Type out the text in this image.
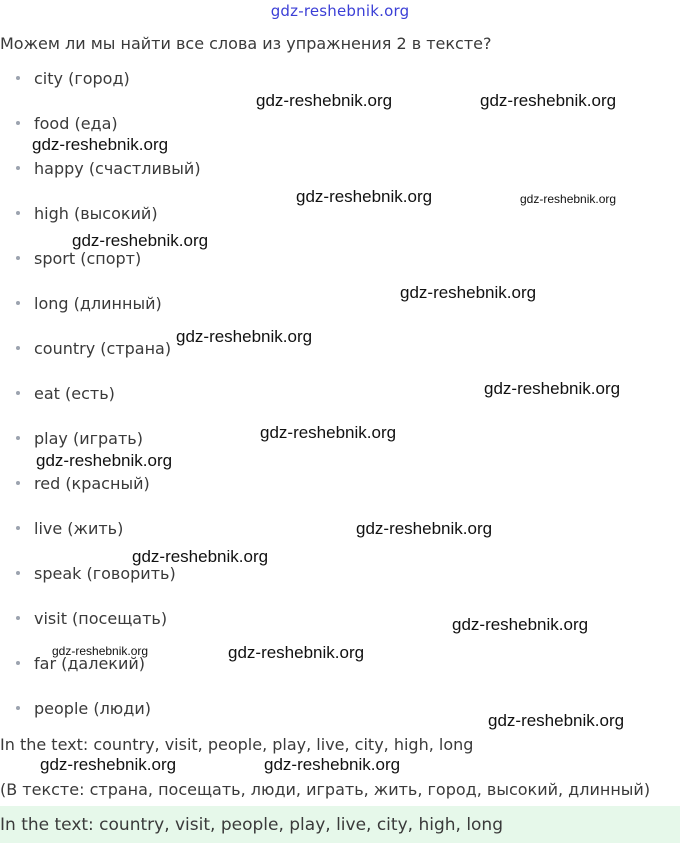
gdz-reshebnik.org
Можем ли мы найти все слова из упражнения 2 в тексте?
city (город)
food (еда)
happy (счастливый)
high (высокий)
sport (спорт)
long (длинный)
country (страна)
eat (есть)
play (играть)
red (красный)
live (жить)
speak (говорить)
visit (посещать)
far (далекий)
people (люди)
In the text: country, visit, people, play, live, city, high, long
(В тексте: страна, посещать, люди, играть, жить, город, высокий, длинный)
In the text: country, visit, people, play, live, city, high, long
gdz-reshebnik.org	gdz-reshebnik.org
gdz-reshebnik.org
gdz-reshebnik.org	gdz-reshebnik.org
gdz-reshebnik.org
gdz-reshebnik.org
gdz-reshebnik.org
gdz-reshebnik.org
gdz-reshebnik.org
gdz-reshebnik.org
gdz-reshebnik.org
gdz-reshebnik.org
gdz-reshebnik.org
gdz-reshebnik.org	gdz-reshebnik.org
gdz-reshebnik.org
gdz-reshebnik.org	gdz-reshebnik.org
